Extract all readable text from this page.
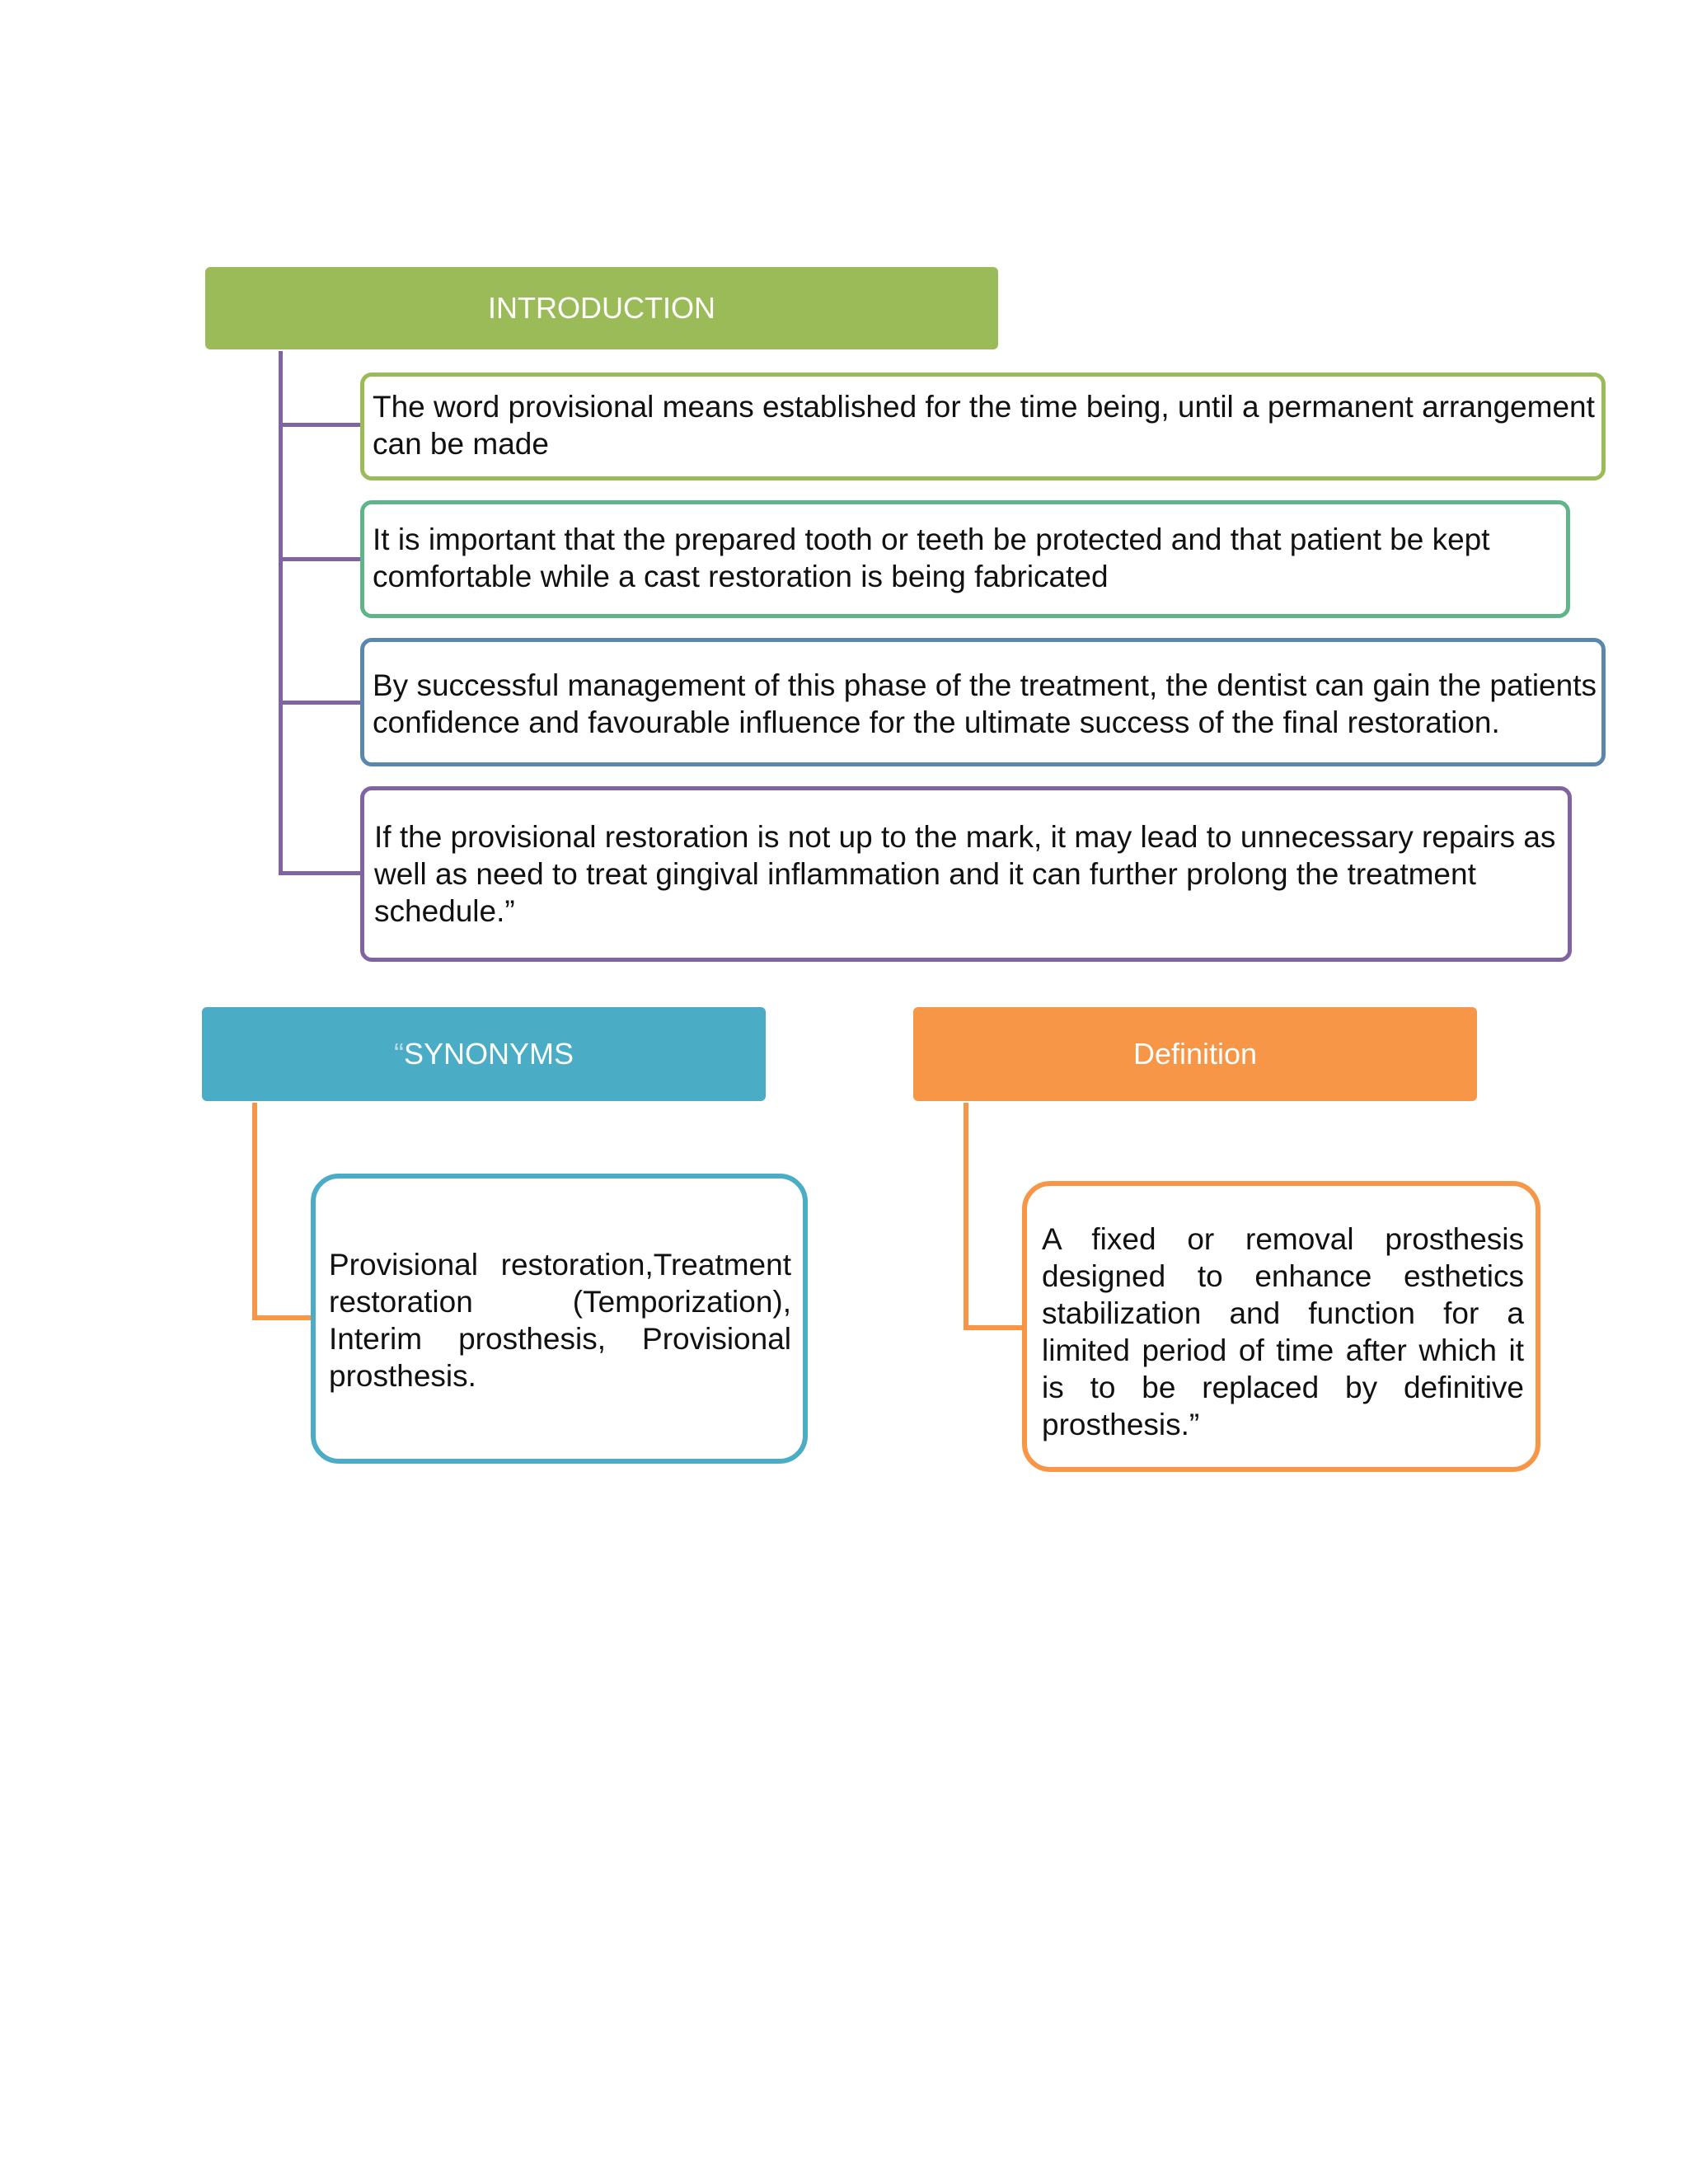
INTRODUCTION
The word provisional means established for the time being, until a permanent arrangement can be made
It is important that the prepared tooth or teeth be protected and that patient be kept comfortable while a cast restoration is being fabricated
By successful management of this phase of the treatment, the dentist can gain the patients confidence and favourable influence for the ultimate success of the final restoration.
If the provisional restoration is not up to the mark, it may lead to unnecessary repairs as well as need to treat gingival inflammation and it can further prolong the treatment schedule.”
“ SYNONYMS	Definition
Provisional restoration,Treatment restoration (Temporization), Interim prosthesis, Provisional prosthesis.
A fixed or removal prosthesis designed to enhance esthetics stabilization and function for a limited period of time after which it is to be replaced by definitive prosthesis.”
